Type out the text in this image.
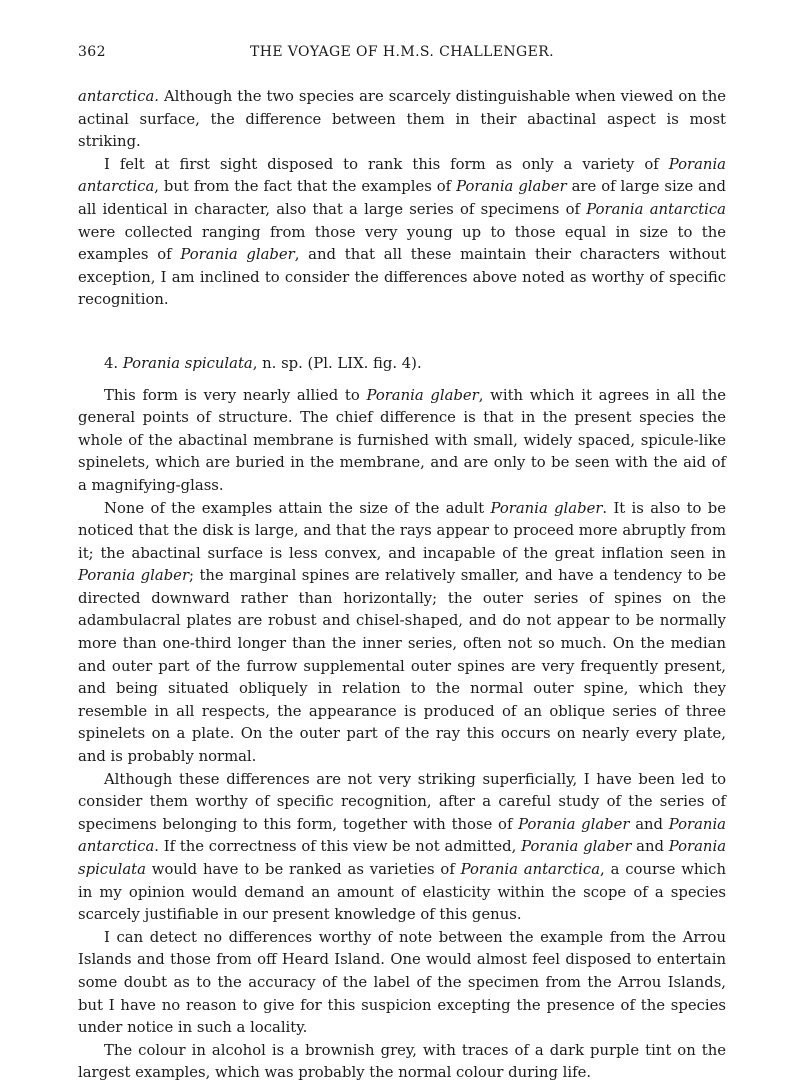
362	THE VOYAGE OF H.M.S. CHALLENGER.

antarctica. Although the two species are scarcely distinguishable when viewed on the actinal surface, the difference between them in their abactinal aspect is most striking.

I felt at first sight disposed to rank this form as only a variety of Porania antarctica, but from the fact that the examples of Porania glaber are of large size and all identical in character, also that a large series of specimens of Porania antarctica were collected ranging from those very young up to those equal in size to the examples of Porania glaber, and that all these maintain their characters without exception, I am inclined to consider the differences above noted as worthy of specific recognition.

4. Porania spiculata, n. sp. (Pl. LIX. fig. 4).

This form is very nearly allied to Porania glaber, with which it agrees in all the general points of structure. The chief difference is that in the present species the whole of the abactinal membrane is furnished with small, widely spaced, spicule-like spinelets, which are buried in the membrane, and are only to be seen with the aid of a magnifying-glass.

None of the examples attain the size of the adult Porania glaber. It is also to be noticed that the disk is large, and that the rays appear to proceed more abruptly from it; the abactinal surface is less convex, and incapable of the great inflation seen in Porania glaber; the marginal spines are relatively smaller, and have a tendency to be directed downward rather than horizontally; the outer series of spines on the adambulacral plates are robust and chisel-shaped, and do not appear to be normally more than one-third longer than the inner series, often not so much. On the median and outer part of the furrow supplemental outer spines are very frequently present, and being situated obliquely in relation to the normal outer spine, which they resemble in all respects, the appearance is produced of an oblique series of three spinelets on a plate. On the outer part of the ray this occurs on nearly every plate, and is probably normal.

Although these differences are not very striking superficially, I have been led to consider them worthy of specific recognition, after a careful study of the series of specimens belonging to this form, together with those of Porania glaber and Porania antarctica. If the correctness of this view be not admitted, Porania glaber and Porania spiculata would have to be ranked as varieties of Porania antarctica, a course which in my opinion would demand an amount of elasticity within the scope of a species scarcely justifiable in our present knowledge of this genus.

I can detect no differences worthy of note between the example from the Arrou Islands and those from off Heard Island. One would almost feel disposed to entertain some doubt as to the accuracy of the label of the specimen from the Arrou Islands, but I have no reason to give for this suspicion excepting the presence of the species under notice in such a locality.

The colour in alcohol is a brownish grey, with traces of a dark purple tint on the largest examples, which was probably the normal colour during life.
